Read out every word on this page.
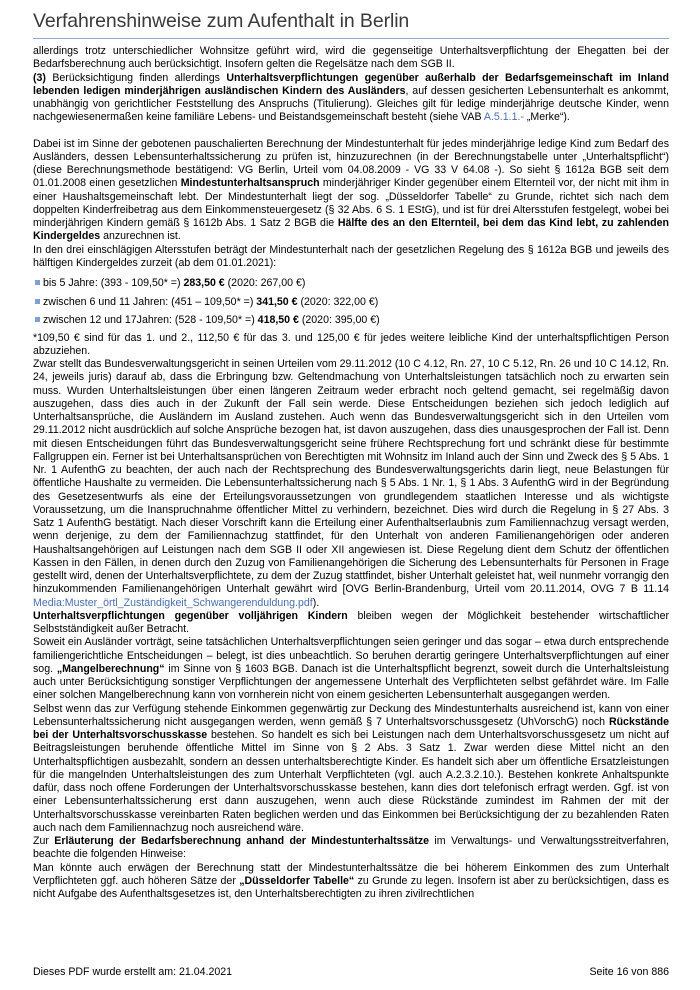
Verfahrenshinweise zum Aufenthalt in Berlin

allerdings trotz unterschiedlicher Wohnsitze geführt wird, wird die gegenseitige Unterhaltsverpflichtung der Ehegatten bei der Bedarfsberechnung auch berücksichtigt. Insofern gelten die Regelsätze nach dem SGB II.

(3) Berücksichtigung finden allerdings Unterhaltsverpflichtungen gegenüber außerhalb der Bedarfsgemeinschaft im Inland lebenden ledigen minderjährigen ausländischen Kindern des Ausländers, auf dessen gesicherten Lebensunterhalt es ankommt, unabhängig von gerichtlicher Feststellung des Anspruchs (Titulierung). Gleiches gilt für ledige minderjährige deutsche Kinder, wenn nachgewiesenermaßen keine familiäre Lebens- und Beistandsgemeinschaft besteht (siehe VAB A.5.1.1.- „Merke“).

Dabei ist im Sinne der gebotenen pauschalierten Berechnung der Mindestunterhalt für jedes minderjährige ledige Kind zum Bedarf des Ausländers, dessen Lebensunterhaltssicherung zu prüfen ist, hinzuzurechnen (in der Berechnungstabelle unter „Unterhaltspflicht“) (diese Berechnungsmethode bestätigend: VG Berlin, Urteil vom 04.08.2009 - VG 33 V 64.08 -). So sieht § 1612a BGB seit dem 01.01.2008 einen gesetzlichen Mindestunterhaltsanspruch minderjähriger Kinder gegenüber einem Elternteil vor, der nicht mit ihm in einer Haushaltsgemeinschaft lebt. Der Mindestunterhalt liegt der sog. „Düsseldorfer Tabelle“ zu Grunde, richtet sich nach dem doppelten Kinderfreibetrag aus dem Einkommensteuergesetz (§ 32 Abs. 6 S. 1 EStG), und ist für drei Altersstufen festgelegt, wobei bei minderjährigen Kindern gemäß § 1612b Abs. 1 Satz 2 BGB die Hälfte des an den Elternteil, bei dem das Kind lebt, zu zahlenden Kindergeldes anzurechnen ist.

In den drei einschlägigen Altersstufen beträgt der Mindestunterhalt nach der gesetzlichen Regelung des § 1612a BGB und jeweils des hälftigen Kindergeldes zurzeit (ab dem 01.01.2021):

bis 5 Jahre: (393 - 109,50* =) 283,50 € (2020: 267,00 €)
zwischen 6 und 11 Jahren: (451 – 109,50* =) 341,50 € (2020: 322,00 €)
zwischen 12 und 17Jahren: (528 - 109,50* =) 418,50 € (2020: 395,00 €)

*109,50 € sind für das 1. und 2., 112,50 € für das 3. und 125,00 € für jedes weitere leibliche Kind der unterhaltspflichtigen Person abzuziehen.

Zwar stellt das Bundesverwaltungsgericht in seinen Urteilen vom 29.11.2012 (10 C 4.12, Rn. 27, 10 C 5.12, Rn. 26 und 10 C 14.12, Rn. 24, jeweils juris) darauf ab, dass die Erbringung bzw. Geltendmachung von Unterhaltsleistungen tatsächlich noch zu erwarten sein muss. Wurden Unterhaltsleistungen über einen längeren Zeitraum weder erbracht noch geltend gemacht, sei regelmäßig davon auszugehen, dass dies auch in der Zukunft der Fall sein werde. Diese Entscheidungen beziehen sich jedoch lediglich auf Unterhaltsansprüche, die Ausländern im Ausland zustehen. Auch wenn das Bundesverwaltungsgericht sich in den Urteilen vom 29.11.2012 nicht ausdrücklich auf solche Ansprüche bezogen hat, ist davon auszugehen, dass dies unausgesprochen der Fall ist. Denn mit diesen Entscheidungen führt das Bundesverwaltungsgericht seine frühere Rechtsprechung fort und schränkt diese für bestimmte Fallgruppen ein. Ferner ist bei Unterhaltsansprüchen von Berechtigten mit Wohnsitz im Inland auch der Sinn und Zweck des § 5 Abs. 1 Nr. 1 AufenthG zu beachten, der auch nach der Rechtsprechung des Bundesverwaltungsgerichts darin liegt, neue Belastungen für öffentliche Haushalte zu vermeiden. Die Lebensunterhaltssicherung nach § 5 Abs. 1 Nr. 1, § 1 Abs. 3 AufenthG wird in der Begründung des Gesetzesentwurfs als eine der Erteilungsvoraussetzungen von grundlegendem staatlichen Interesse und als wichtigste Voraussetzung, um die Inanspruchnahme öffentlicher Mittel zu verhindern, bezeichnet. Dies wird durch die Regelung in § 27 Abs. 3 Satz 1 AufenthG bestätigt. Nach dieser Vorschrift kann die Erteilung einer Aufenthaltserlaubnis zum Familiennachzug versagt werden, wenn derjenige, zu dem der Familiennachzug stattfindet, für den Unterhalt von anderen Familienangehörigen oder anderen Haushaltsangehörigen auf Leistungen nach dem SGB II oder XII angewiesen ist. Diese Regelung dient dem Schutz der öffentlichen Kassen in den Fällen, in denen durch den Zuzug von Familienangehörigen die Sicherung des Lebensunterhalts für Personen in Frage gestellt wird, denen der Unterhaltsverpflichtete, zu dem der Zuzug stattfindet, bisher Unterhalt geleistet hat, weil nunmehr vorrangig den hinzukommenden Familienangehörigen Unterhalt gewährt wird [OVG Berlin-Brandenburg, Urteil vom 20.11.2014, OVG 7 B 11.14 Media:Muster_örtl_Zuständigkeit_Schwangerenduldung.pdf).

Unterhaltsverpflichtungen gegenüber volljährigen Kindern bleiben wegen der Möglichkeit bestehender wirtschaftlicher Selbstständigkeit außer Betracht.

Soweit ein Ausländer vorträgt, seine tatsächlichen Unterhaltsverpflichtungen seien geringer und das sogar – etwa durch entsprechende familiengerichtliche Entscheidungen – belegt, ist dies unbeachtlich. So beruhen derartig geringere Unterhaltsverpflichtungen auf einer sog. „Mangelberechnung“ im Sinne von § 1603 BGB. Danach ist die Unterhaltspflicht begrenzt, soweit durch die Unterhaltsleistung auch unter Berücksichtigung sonstiger Verpflichtungen der angemessene Unterhalt des Verpflichteten selbst gefährdet wäre. Im Falle einer solchen Mangelberechnung kann von vornherein nicht von einem gesicherten Lebensunterhalt ausgegangen werden.

Selbst wenn das zur Verfügung stehende Einkommen gegenwärtig zur Deckung des Mindestunterhalts ausreichend ist, kann von einer Lebensunterhaltssicherung nicht ausgegangen werden, wenn gemäß § 7 Unterhaltsvorschussgesetz (UhVorschG) noch Rückstände bei der Unterhaltsvorschusskasse bestehen. So handelt es sich bei Leistungen nach dem Unterhaltsvorschussgesetz um nicht auf Beitragsleistungen beruhende öffentliche Mittel im Sinne von § 2 Abs. 3 Satz 1. Zwar werden diese Mittel nicht an den Unterhaltspflichtigen ausbezahlt, sondern an dessen unterhaltsberechtigte Kinder. Es handelt sich aber um öffentliche Ersatzleistungen für die mangelnden Unterhaltsleistungen des zum Unterhalt Verpflichteten (vgl. auch A.2.3.2.10.). Bestehen konkrete Anhaltspunkte dafür, dass noch offene Forderungen der Unterhaltsvorschusskasse bestehen, kann dies dort telefonisch erfragt werden. Ggf. ist von einer Lebensunterhaltssicherung erst dann auszugehen, wenn auch diese Rückstände zumindest im Rahmen der mit der Unterhaltsvorschusskasse vereinbarten Raten beglichen werden und das Einkommen bei Berücksichtigung der zu bezahlenden Raten auch nach dem Familiennachzug noch ausreichend wäre.

Zur Erläuterung der Bedarfsberechnung anhand der Mindestunterhaltssätze im Verwaltungs- und Verwaltungsstreitverfahren, beachte die folgenden Hinweise:

Man könnte auch erwägen der Berechnung statt der Mindestunterhaltssätze die bei höherem Einkommen des zum Unterhalt Verpflichteten ggf. auch höheren Sätze der „Düsseldorfer Tabelle“ zu Grunde zu legen. Insofern ist aber zu berücksichtigen, dass es nicht Aufgabe des Aufenthaltsgesetzes ist, den Unterhaltsberechtigten zu ihren zivilrechtlichen

Dieses PDF wurde erstellt am: 21.04.2021	Seite 16 von 886
